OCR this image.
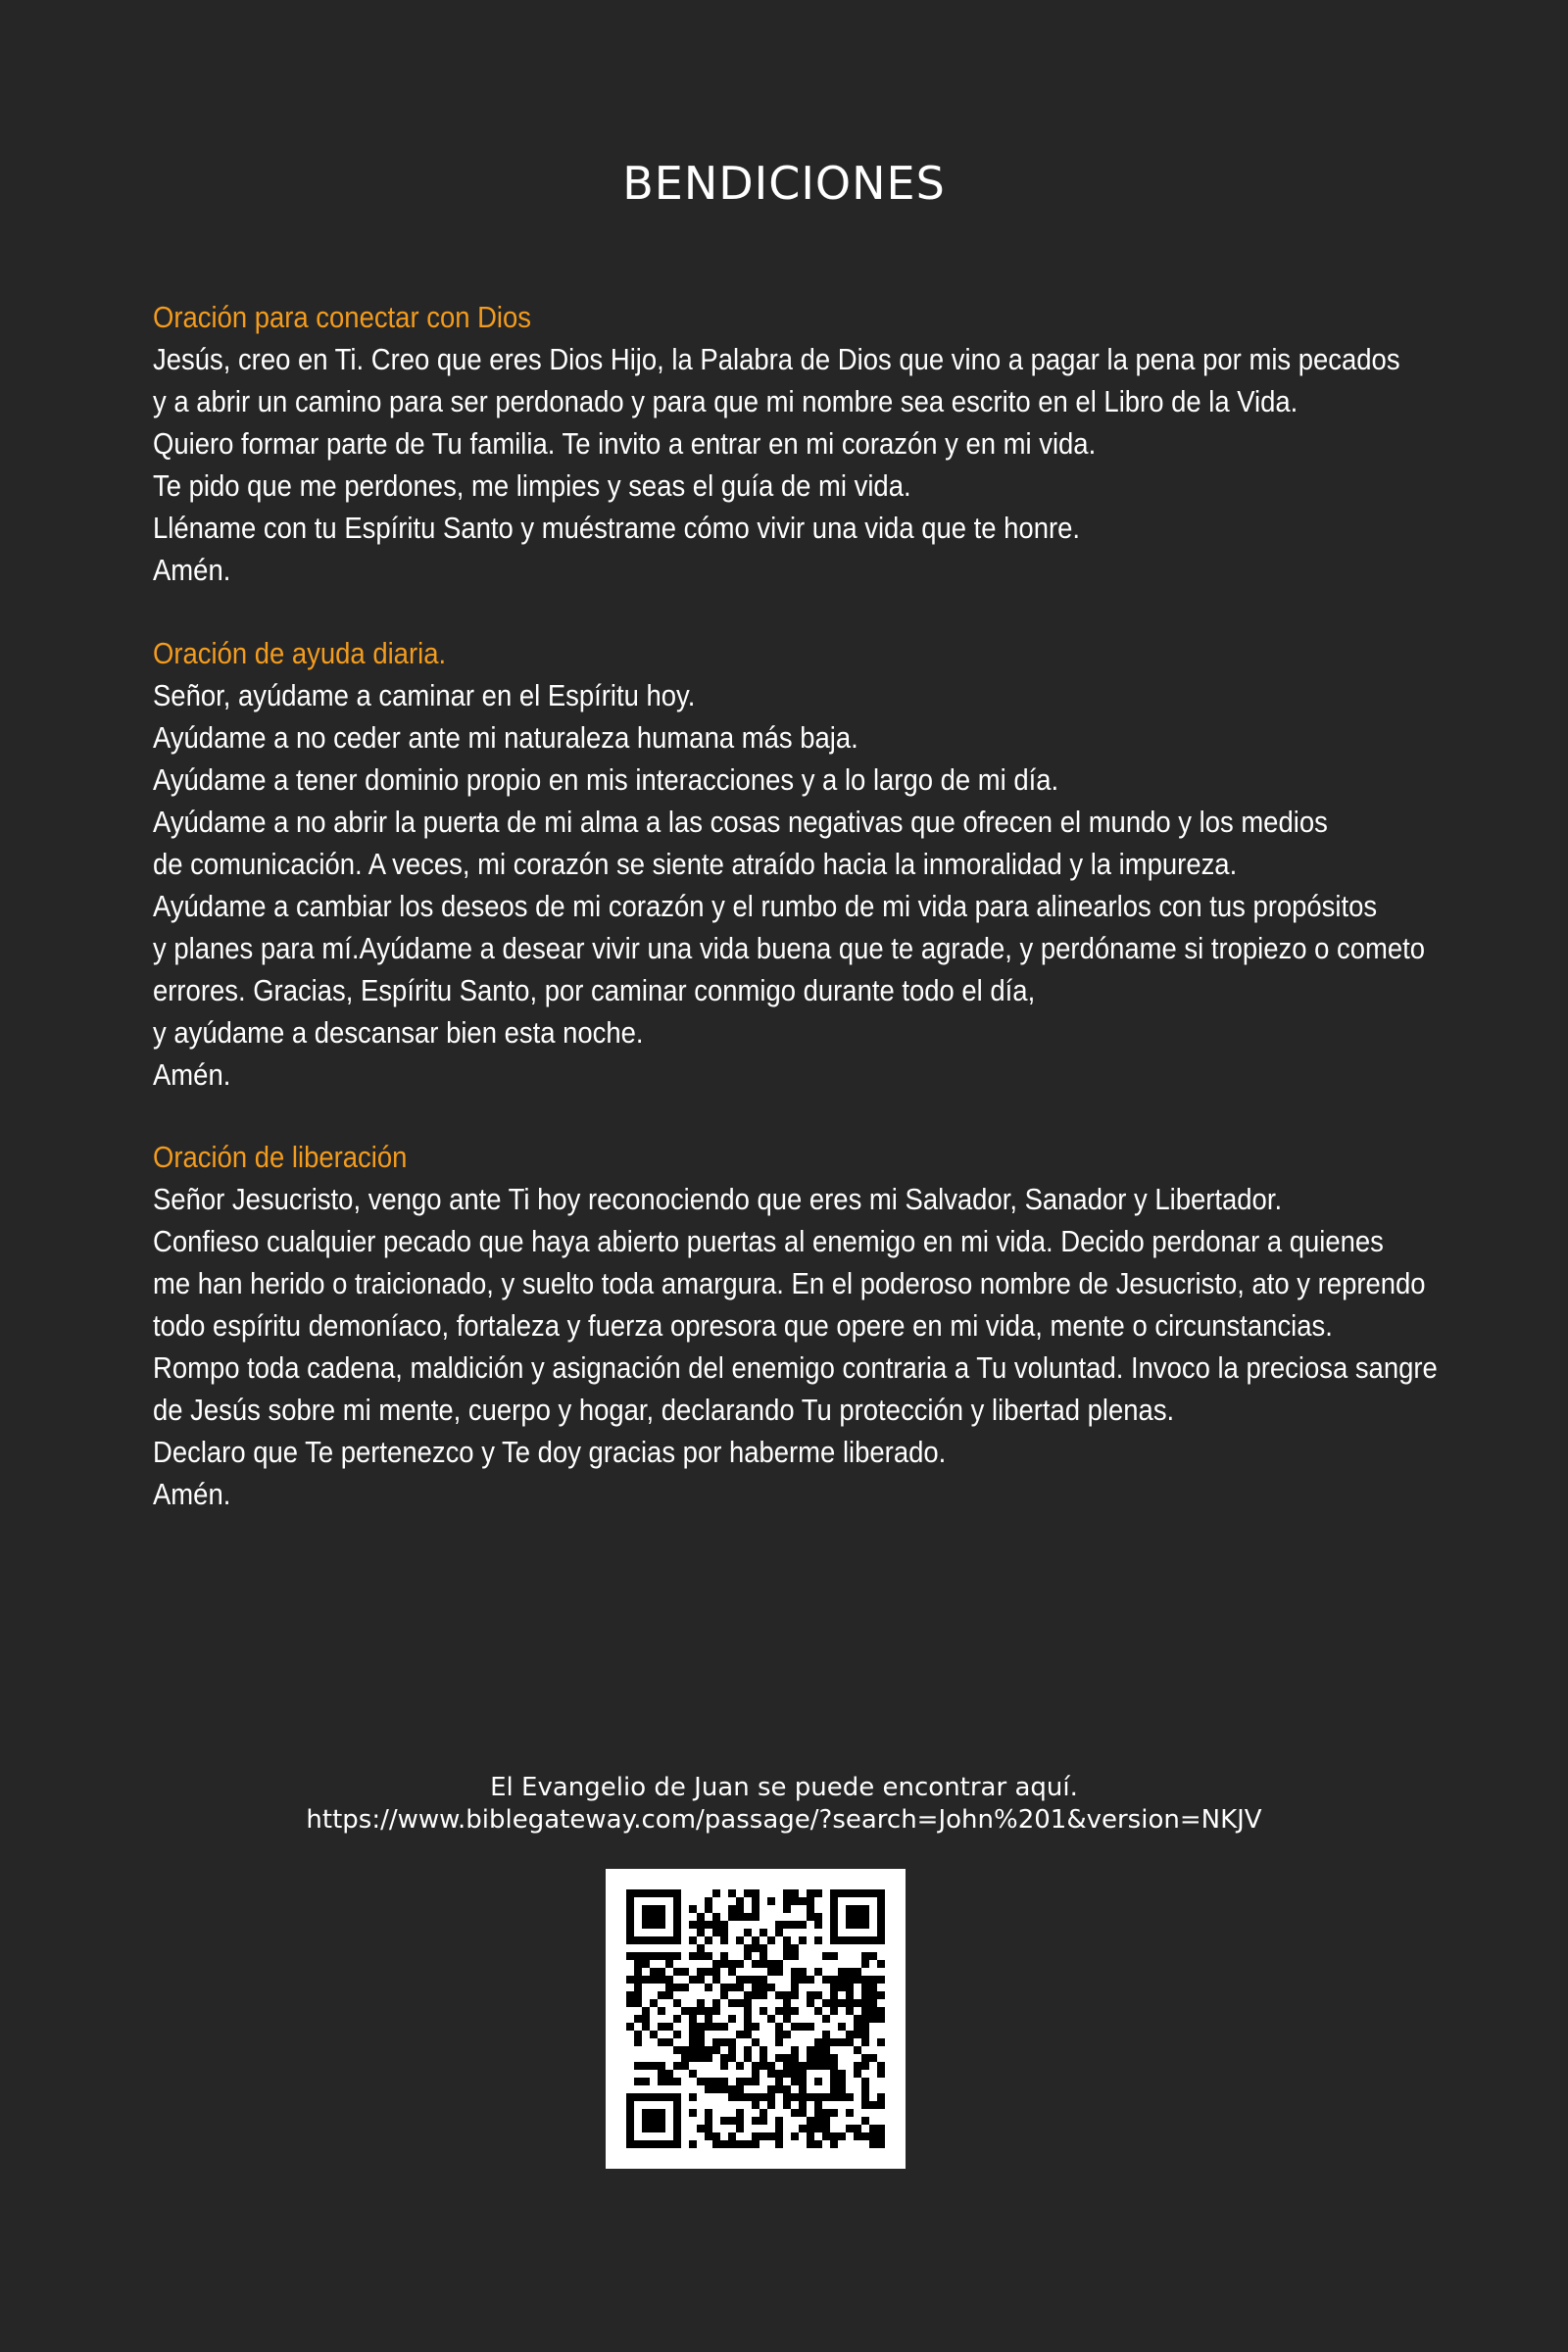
BENDICIONES
Oración para conectar con Dios
Jesús, creo en Ti. Creo que eres Dios Hijo, la Palabra de Dios que vino a pagar la pena por mis pecados
y a abrir un camino para ser perdonado y para que mi nombre sea escrito en el Libro de la Vida.
Quiero formar parte de Tu familia. Te invito a entrar en mi corazón y en mi vida.
Te pido que me perdones, me limpies y seas el guía de mi vida.
Lléname con tu Espíritu Santo y muéstrame cómo vivir una vida que te honre.
Amén.
Oración de ayuda diaria.
Señor, ayúdame a caminar en el Espíritu hoy.
Ayúdame a no ceder ante mi naturaleza humana más baja.
Ayúdame a tener dominio propio en mis interacciones y a lo largo de mi día.
Ayúdame a no abrir la puerta de mi alma a las cosas negativas que ofrecen el mundo y los medios
de comunicación. A veces, mi corazón se siente atraído hacia la inmoralidad y la impureza.
Ayúdame a cambiar los deseos de mi corazón y el rumbo de mi vida para alinearlos con tus propósitos
y planes para mí.Ayúdame a desear vivir una vida buena que te agrade, y perdóname si tropiezo o cometo
errores. Gracias, Espíritu Santo, por caminar conmigo durante todo el día,
y ayúdame a descansar bien esta noche.
Amén.
Oración de liberación
Señor Jesucristo, vengo ante Ti hoy reconociendo que eres mi Salvador, Sanador y Libertador.
Confieso cualquier pecado que haya abierto puertas al enemigo en mi vida. Decido perdonar a quienes
me han herido o traicionado, y suelto toda amargura. En el poderoso nombre de Jesucristo, ato y reprendo
todo espíritu demoníaco, fortaleza y fuerza opresora que opere en mi vida, mente o circunstancias.
Rompo toda cadena, maldición y asignación del enemigo contraria a Tu voluntad. Invoco la preciosa sangre
de Jesús sobre mi mente, cuerpo y hogar, declarando Tu protección y libertad plenas.
Declaro que Te pertenezco y Te doy gracias por haberme liberado.
Amén.
El Evangelio de Juan se puede encontrar aquí.
https://www.biblegateway.com/passage/?search=John%201&version=NKJV
